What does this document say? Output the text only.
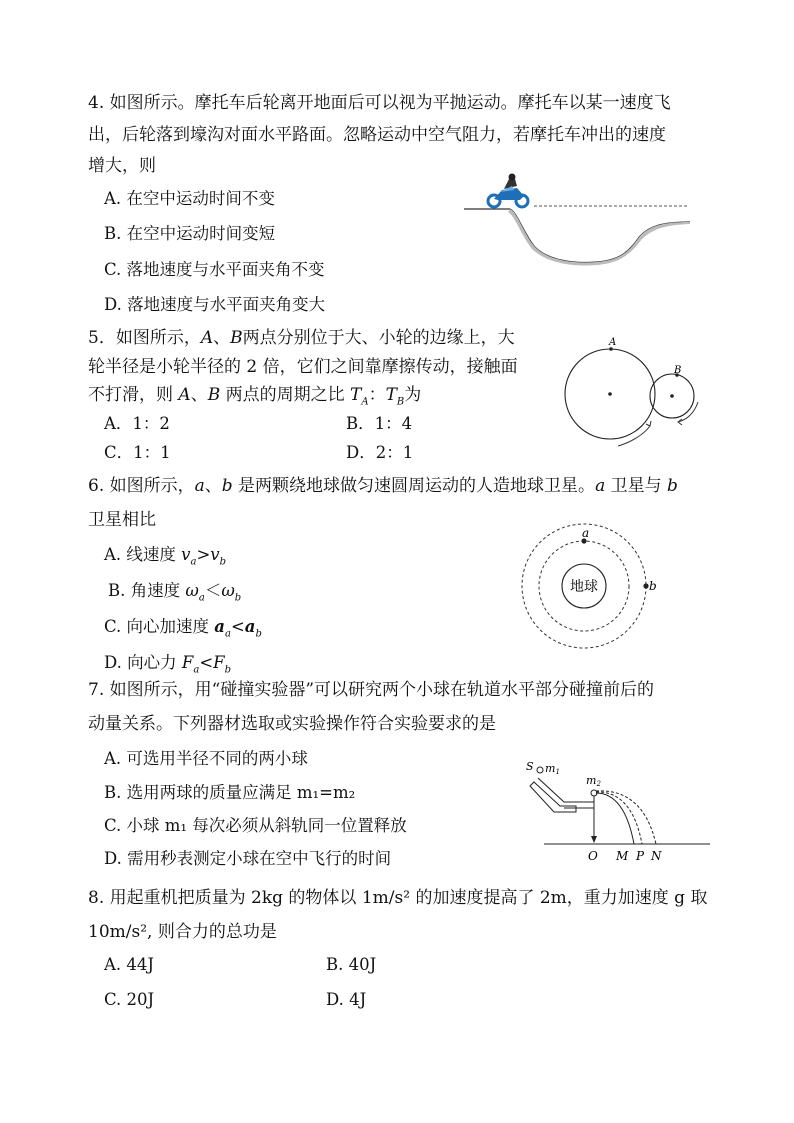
4. 如图所示。摩托车后轮离开地面后可以视为平抛运动。摩托车以某一速度飞
出，后轮落到壕沟对面水平路面。忽略运动中空气阻力，若摩托车冲出的速度
增大，则
A. 在空中运动时间不变
B. 在空中运动时间变短
C. 落地速度与水平面夹角不变
D. 落地速度与水平面夹角变大
5．如图所示，A、B两点分别位于大、小轮的边缘上，大
轮半径是小轮半径的 2 倍，它们之间靠摩擦传动，接触面
不打滑，则 A、B 两点的周期之比 $T_A$：$T_B$为
A．1：2	B．1：4
C．1：1	D．2：1
A
B
6. 如图所示，a、b 是两颗绕地球做匀速圆周运动的人造地球卫星。a 卫星与 b
卫星相比
A. 线速度 $v_a>v_b$
B. 角速度 $\omega_a<\omega_b$
C. 向心加速度 $a_a<a_b$
D. 向心力 $F_a<F_b$
地球
a
b
7. 如图所示，用“碰撞实验器”可以研究两个小球在轨道水平部分碰撞前后的
动量关系。下列器材选取或实验操作符合实验要求的是
A. 可选用半径不同的两小球
B. 选用两球的质量应满足 m₁=m₂
C. 小球 m₁ 每次必须从斜轨同一位置释放
D. 需用秒表测定小球在空中飞行的时间
S m1
m2
O M P N
8. 用起重机把质量为 2kg 的物体以 1m/s² 的加速度提高了 2m，重力加速度 g 取
10m/s², 则合力的总功是
A. 44J	B. 40J
C. 20J	D. 4J
